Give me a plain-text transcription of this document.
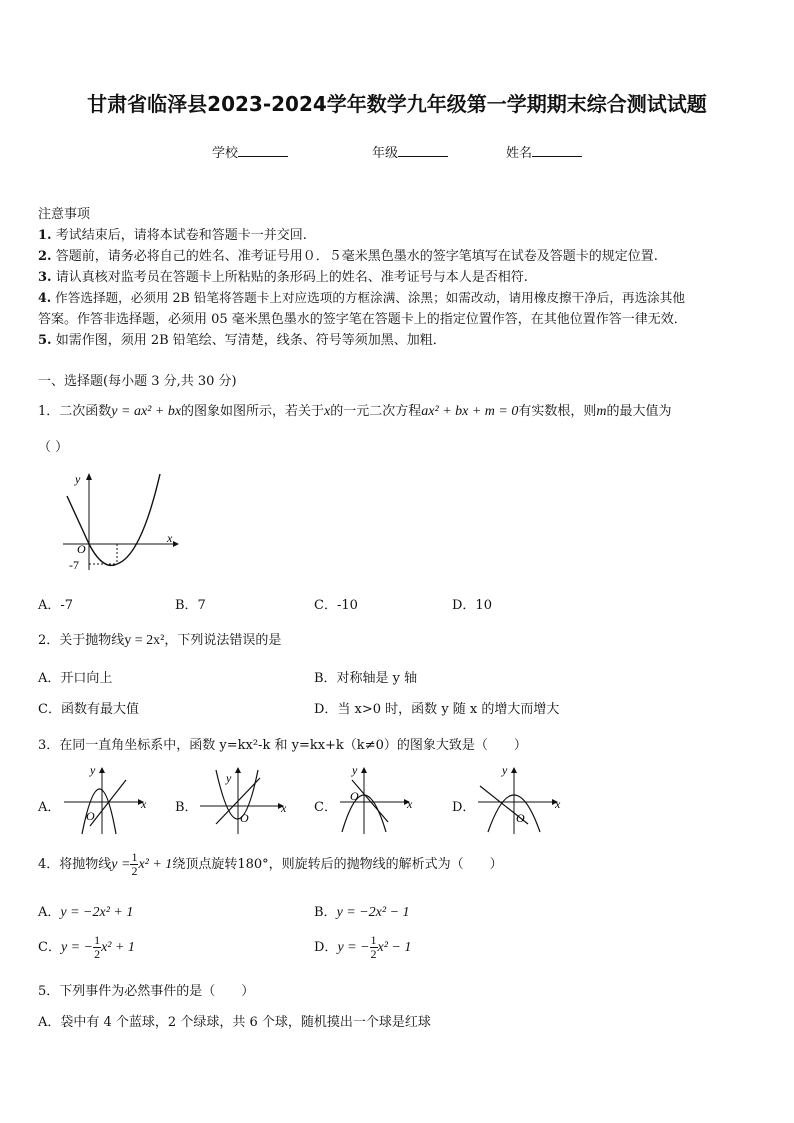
甘肃省临泽县2023-2024学年数学九年级第一学期期末综合测试试题
学校	年级	姓名
注意事项
1. 考试结束后，请将本试卷和答题卡一并交回.
2. 答题前，请务必将自己的姓名、准考证号用０．５毫米黑色墨水的签字笔填写在试卷及答题卡的规定位置.
3. 请认真核对监考员在答题卡上所粘贴的条形码上的姓名、准考证号与本人是否相符.
4. 作答选择题，必须用 2B 铅笔将答题卡上对应选项的方框涂满、涂黑；如需改动，请用橡皮擦干净后，再选涂其他
答案。作答非选择题，必须用 05 毫米黑色墨水的签字笔在答题卡上的指定位置作答，在其他位置作答一律无效．
5. 如需作图，须用 2B 铅笔绘、写清楚，线条、符号等须加黑、加粗．
一、选择题(每小题 3 分,共 30 分)
1．二次函数y = ax² + bx的图象如图所示，若关于x的一元二次方程ax² + bx + m = 0有实数根，则m的最大值为
（ ）
y
x
O
-7
A．-7	B．7	C．-10	D．10
2．关于抛物线y = 2x²，下列说法错误的是
A．开口向上	B．对称轴是 y 轴
C．函数有最大值	D．当 x>0 时，函数 y 随 x 的增大而增大
3．在同一直角坐标系中，函数 y=kx²-k 和 y=kx+k（k≠0）的图象大致是（　　）
A．
y
x
O
B．
y
x
O
C．
y
x
O
D．
y
x
O
4．将抛物线$y = \frac{1}{2} x^2 + 1$绕顶点旋转180°，则旋转后的抛物线的解析式为（　　）
A．y = −2x² + 1	B．y = −2x² − 1
C．y = − $\frac{1}{2} x^2 + 1$	D．y = − $\frac{1}{2} x^2 - 1$
5．下列事件为必然事件的是（　　）
A．袋中有 4 个蓝球，2 个绿球，共 6 个球，随机摸出一个球是红球
